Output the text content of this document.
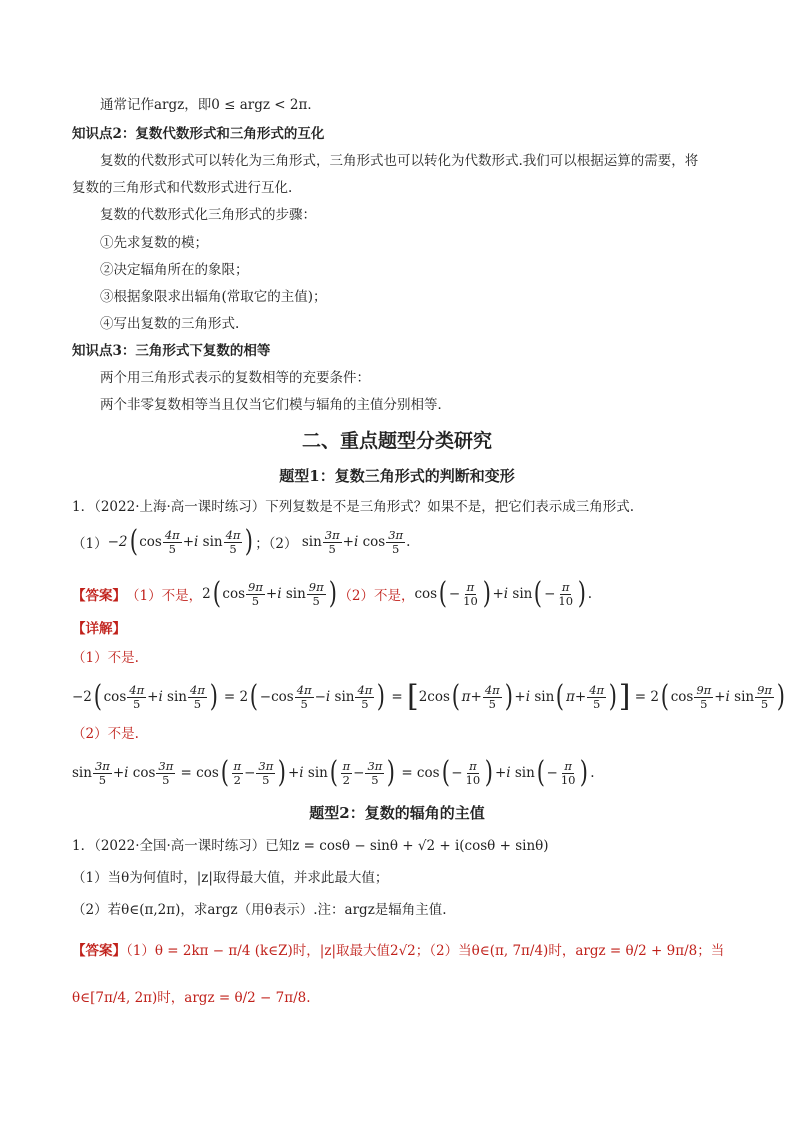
通常记作argz，即0 ≤ argz < 2π．
知识点2：复数代数形式和三角形式的互化
复数的代数形式可以转化为三角形式，三角形式也可以转化为代数形式.我们可以根据运算的需要，将
复数的三角形式和代数形式进行互化.
复数的代数形式化三角形式的步骤：
①先求复数的模；
②决定辐角所在的象限；
③根据象限求出辐角(常取它的主值)；
④写出复数的三角形式.
知识点3：三角形式下复数的相等
两个用三角形式表示的复数相等的充要条件：
两个非零复数相等当且仅当它们模与辐角的主值分别相等．
二、重点题型分类研究
题型1：复数三角形式的判断和变形
1．（2022·上海·高一课时练习）下列复数是不是三角形式？如果不是，把它们表示成三角形式.
（1） −2 ( $\cos \frac{4\pi}{5} +i$ $\sin \frac{4\pi}{5}$ ) ；（2） $\sin \frac{3\pi}{5} +i$ $\cos \frac{3\pi}{5}$ .
【答案】 （1）不是， 2 ( $\cos \frac{9\pi}{5} +i$ $\sin \frac{9\pi}{5}$ ) （2）不是， cos ( − $\frac{\pi}{10}$ ) +i sin ( − $\frac{\pi}{10}$ ) .
【详解】
（1）不是.
−2 ( $\cos \frac{4\pi}{5} +i$ $\sin \frac{4\pi}{5}$ ) = 2 ( $-\cos \frac{4\pi}{5} -i$ $\sin \frac{4\pi}{5}$ ) = [ 2cos ( $\pi + \frac{4\pi}{5}$ ) +i sin ( $\pi + \frac{4\pi}{5}$ ) ] = 2 ( $\cos \frac{9\pi}{5} +i$ $\sin \frac{9\pi}{5}$ )
（2）不是.
$\sin \frac{3\pi}{5} +i$ $\cos \frac{3\pi}{5} = \cos$ ( $\frac{\pi}{2} - \frac{3\pi}{5}$ ) +i sin ( $\frac{\pi}{2} - \frac{3\pi}{5}$ ) = cos ( − $\frac{\pi}{10}$ ) +i sin ( − $\frac{\pi}{10}$ ) .
题型2：复数的辐角的主值
1．（2022·全国·高一课时练习）已知z = cosθ − sinθ + √2 + i(cosθ + sinθ)
（1）当θ为何值时，|z|取得最大值，并求此最大值；
（2）若θ∈(π,2π)，求argz（用θ表示）.注：argz是辐角主值.
【答案】（1）θ = 2kπ − π/4 (k∈Z)时，|z|取最大值2√2；（2）当θ∈(π, 7π/4)时，argz = θ/2 + 9π/8；当
θ∈[7π/4, 2π)时，argz = θ/2 − 7π/8.
